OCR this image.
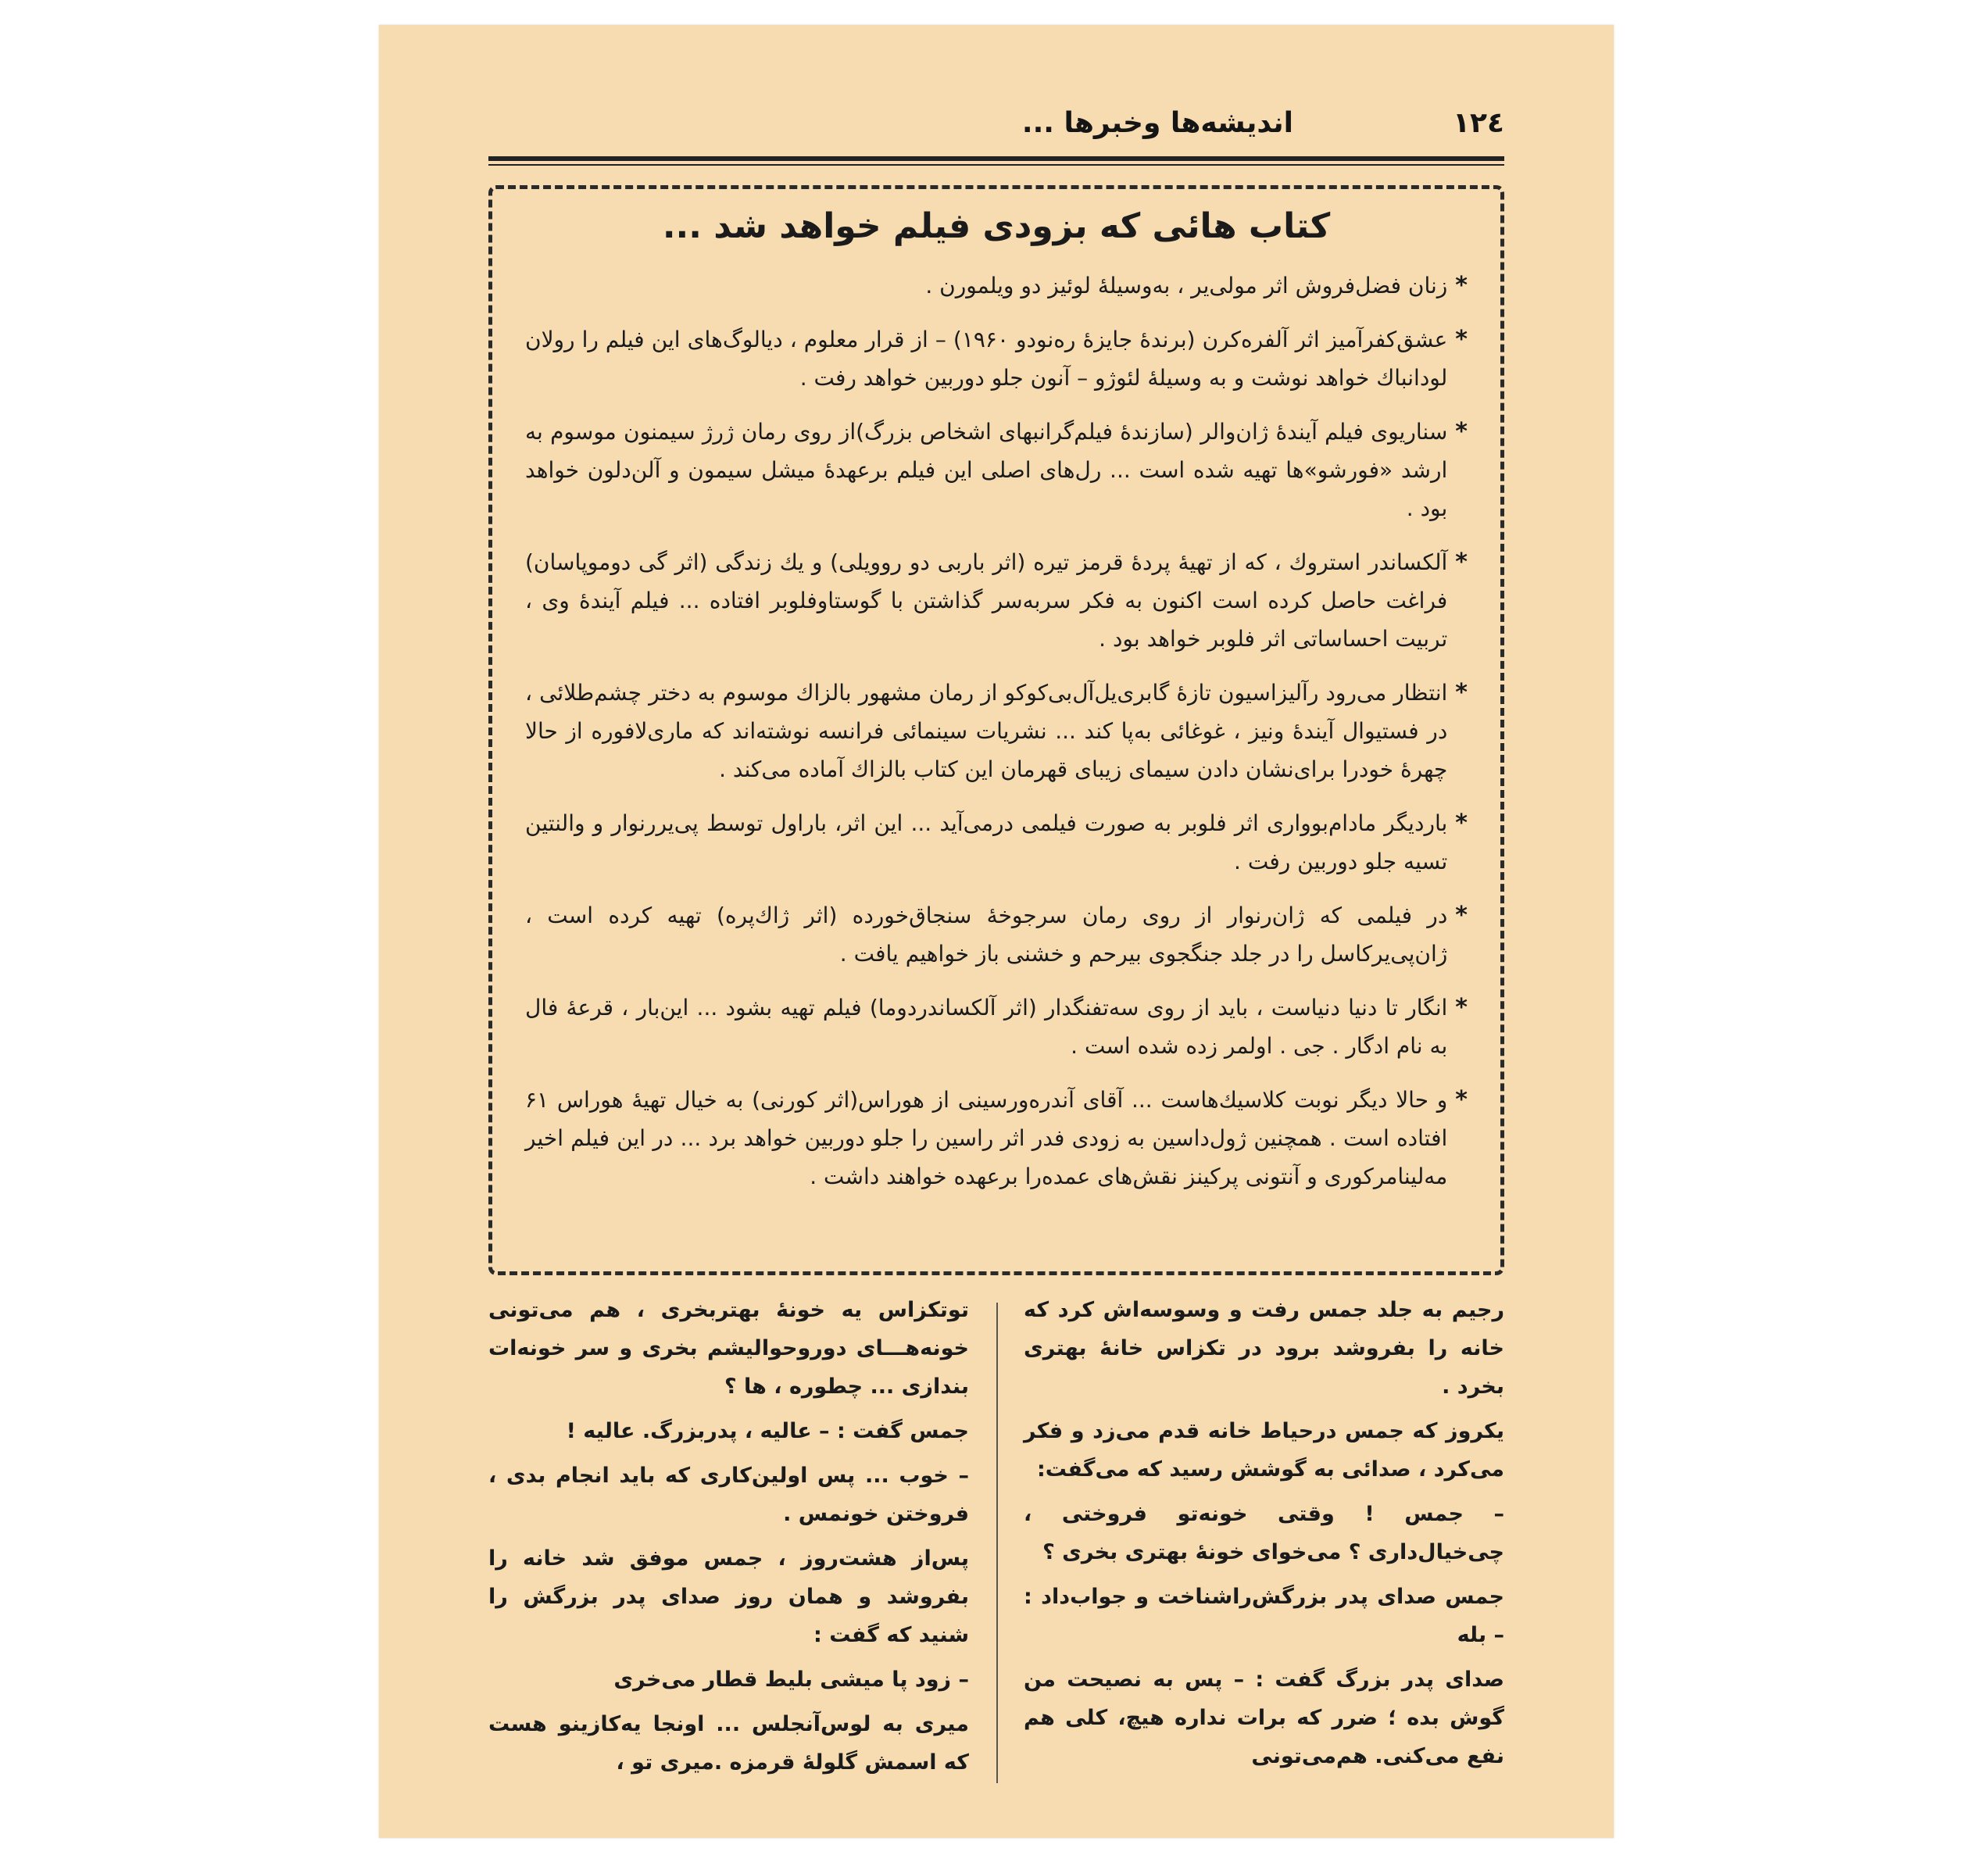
١٢٤
اندیشه‌ها وخبرها ...
کتاب هائی که بزودی فیلم خواهد شد ...
*
زنان فضل‌فروش اثر مولی‌یر ، به‌وسیلهٔ لوئیز دو ویلمورن .
*
عشق‌کفرآمیز اثر آلفره‌کرن (برندهٔ جایزهٔ ره‌نودو ۱۹۶۰) – از قرار معلوم ، دیالوگ‌های این فیلم را رولان لودانباك خواهد نوشت و به وسیلهٔ لئوژو – آنون جلو دوربین خواهد رفت .
*
سناریوی فیلم آیندهٔ ژان‌والر (سازندهٔ فیلم‌گرانبهای اشخاص بزرگ)از روی رمان ژرژ سیمنون موسوم به ارشد «فورشو»ها تهیه شده است ... رل‌های اصلی این فیلم برعهدهٔ میشل سیمون و آلن‌دلون خواهد بود .
*
آلکساندر استروك ، که از تهیهٔ پردهٔ قرمز تیره (اثر باربی دو روویلی) و یك زندگی (اثر گی دوموپاسان) فراغت حاصل کرده است اکنون به فکر سربه‌سر گذاشتن با گوستاوفلوبر افتاده ... فیلم آیندهٔ وی ، تربیت احساساتی اثر فلوبر خواهد بود .
*
انتظار می‌رود رآلیزاسیون تازهٔ گابری‌یل‌آل‌بی‌کوکو از رمان مشهور بالزاك موسوم به دختر چشم‌طلائی ، در فستیوال آیندهٔ ونیز ، غوغائی به‌پا کند ... نشریات سینمائی فرانسه نوشته‌اند که ماری‌لافوره از حالا چهرهٔ خودرا برای‌نشان دادن سیمای زیبای قهرمان این کتاب بالزاك آماده می‌کند .
*
باردیگر مادام‌بوواری اثر فلوبر به صورت فیلمی درمی‌آید ... این اثر، باراول توسط پی‌یررنوار و والنتین تسیه جلو دوربین رفت .
*
در فیلمی که ژان‌رنوار از روی رمان سرجوخهٔ سنجاق‌خورده (اثر ژاك‌پره) تهیه کرده است ، ژان‌پی‌یرکاسل را در جلد جنگجوی بیرحم و خشنی باز خواهیم یافت .
*
انگار تا دنیا دنیاست ، باید از روی سه‌تفنگدار (اثر آلکساندردوما) فیلم تهیه بشود ... این‌بار ، قرعهٔ فال به نام ادگار . جی . اولمر زده شده است .
*
و حالا دیگر نوبت کلاسیك‌هاست ... آقای آندره‌ورسینی از هوراس(اثر کورنی) به خیال تهیهٔ هوراس ۶۱ افتاده است . همچنین ژول‌داسین به زودی فدر اثر راسین را جلو دوربین خواهد برد ... در این فیلم اخیر مه‌لینامرکوری و آنتونی پرکینز نقش‌های عمده‌را برعهده خواهند داشت .

رجیم به جلد جمس رفت و وسوسه‌اش کرد که خانه را بفروشد برود در تکزاس خانهٔ بهتری بخرد .

یکروز که جمس درحیاط خانه قدم می‌زد و فکر می‌کرد ، صدائی به گوشش رسید که می‌گفت:

– جمس ! وقتی خونه‌تو فروختی ، چی‌خیال‌داری ؟ می‌خوای خونهٔ بهتری بخری ؟

جمس صدای پدر بزرگش‌راشناخت و جواب‌داد : – بله

صدای پدر بزرگ گفت : – پس به نصیحت من گوش بده ؛ ضرر که برات نداره هیچ، کلی هم نفع می‌کنی. هم‌می‌تونی

توتکزاس یه خونهٔ بهتربخری ، هم می‌تونی خونه‌هـــای دوروحوالیشم بخری و سر خونه‌ات بندازی ... چطوره ، ها ؟

جمس گفت : – عالیه ، پدربزرگ. عالیه !

– خوب ... پس اولین‌کاری که باید انجام بدی ، فروختن خونمس .

پس‌از هشت‌روز ، جمس موفق شد خانه را بفروشد و همان روز صدای پدر بزرگش را شنید که گفت :

– زود پا میشی بلیط قطار می‌خری

میری به لوس‌آنجلس ... اونجا یه‌کازینو هست که اسمش گلولهٔ قرمزه .میری تو ،
